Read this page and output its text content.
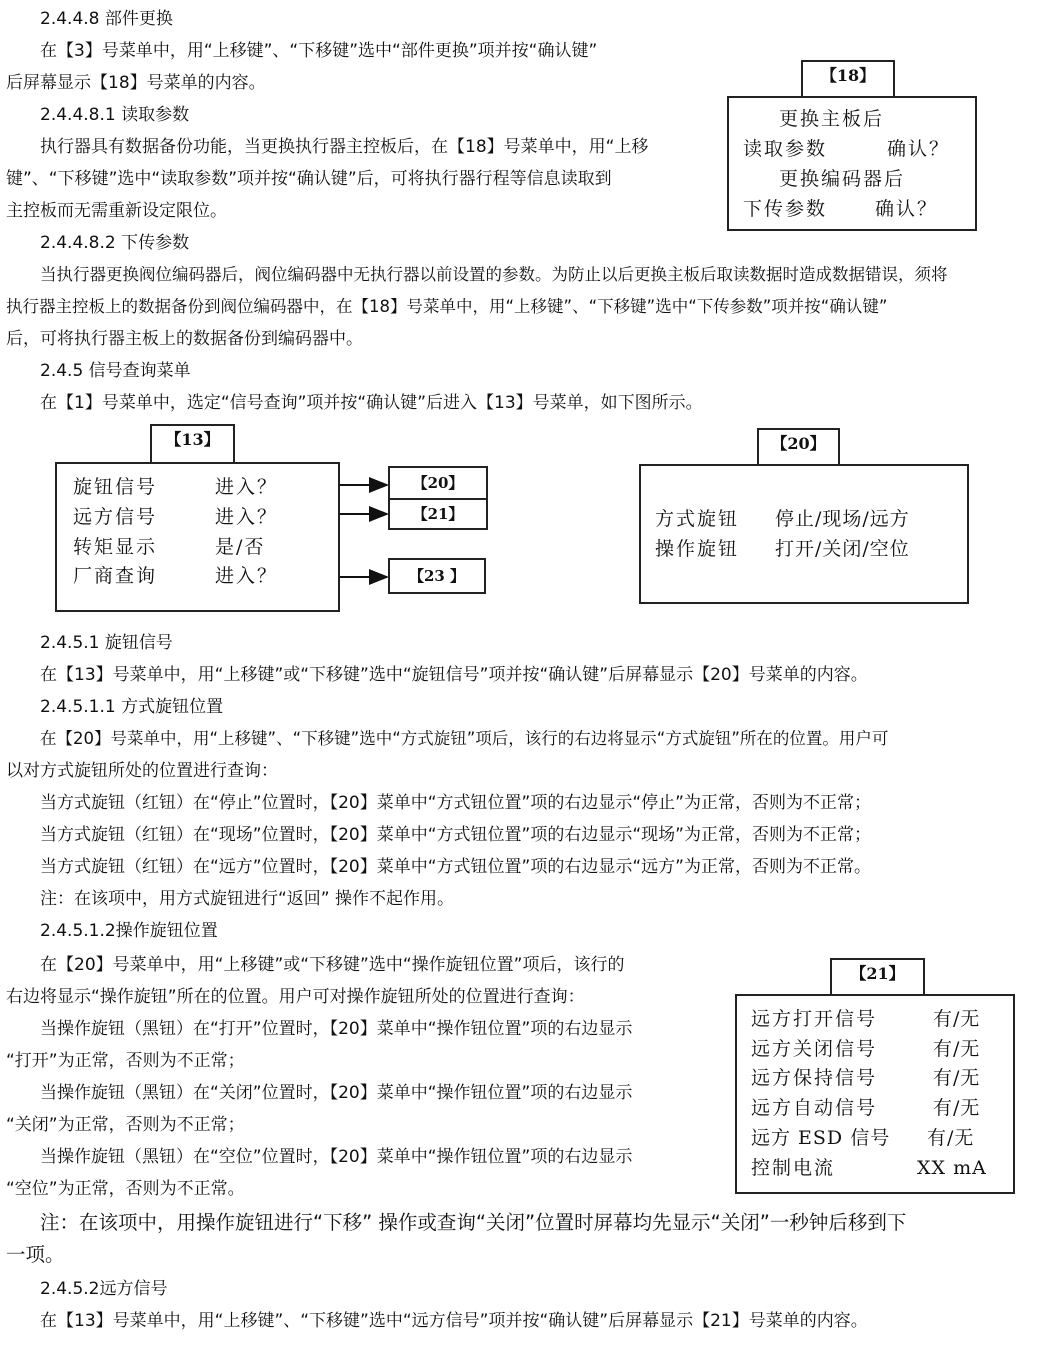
2.4.4.8 部件更换
在【3】号菜单中，用“上移键”、“下移键”选中“部件更换”项并按“确认键”
后屏幕显示【18】号菜单的内容。
2.4.4.8.1 读取参数
执行器具有数据备份功能，当更换执行器主控板后，在【18】号菜单中，用“上移
键”、“下移键”选中“读取参数”项并按“确认键”后，可将执行器行程等信息读取到
主控板而无需重新设定限位。
2.4.4.8.2 下传参数
当执行器更换阀位编码器后，阀位编码器中无执行器以前设置的参数。为防止以后更换主板后取读数据时造成数据错误，须将
执行器主控板上的数据备份到阀位编码器中，在【18】号菜单中，用“上移键”、“下移键”选中“下传参数”项并按“确认键”
后，可将执行器主板上的数据备份到编码器中。
2.4.5 信号查询菜单
在【1】号菜单中，选定“信号查询”项并按“确认键”后进入【13】号菜单，如下图所示。
【18】
更换主板后
读取参数	确认？
更换编码器后
下传参数	确认？
【13】
旋钮信号	进入？
远方信号	进入？
转矩显示	是/否
厂商查询	进入？
【20】
【21】
【23 】
【20】
方式旋钮 停止/现场/远方
操作旋钮 打开/关闭/空位
2.4.5.1 旋钮信号
在【13】号菜单中，用“上移键”或“下移键”选中“旋钮信号”项并按“确认键”后屏幕显示【20】号菜单的内容。
2.4.5.1.1 方式旋钮位置
在【20】号菜单中，用“上移键”、“下移键”选中“方式旋钮”项后，该行的右边将显示“方式旋钮”所在的位置。用户可
以对方式旋钮所处的位置进行查询：
当方式旋钮（红钮）在“停止”位置时，【20】菜单中“方式钮位置”项的右边显示“停止”为正常，否则为不正常；
当方式旋钮（红钮）在“现场”位置时，【20】菜单中“方式钮位置”项的右边显示“现场”为正常，否则为不正常；
当方式旋钮（红钮）在“远方”位置时，【20】菜单中“方式钮位置”项的右边显示“远方”为正常，否则为不正常。
注：在该项中，用方式旋钮进行“返回” 操作不起作用。
2.4.5.1.2操作旋钮位置
在【20】号菜单中，用“上移键”或“下移键”选中“操作旋钮位置”项后，该行的
右边将显示“操作旋钮”所在的位置。用户可对操作旋钮所处的位置进行查询：
当操作旋钮（黑钮）在“打开”位置时，【20】菜单中“操作钮位置”项的右边显示
“打开”为正常，否则为不正常；
当操作旋钮（黑钮）在“关闭”位置时，【20】菜单中“操作钮位置”项的右边显示
“关闭”为正常，否则为不正常；
当操作旋钮（黑钮）在“空位”位置时，【20】菜单中“操作钮位置”项的右边显示
“空位”为正常，否则为不正常。
【21】
远方打开信号	有/无
远方关闭信号	有/无
远方保持信号	有/无
远方自动信号	有/无
远方 ESD 信号 有/无
控制电流	XX mA
注：在该项中，用操作旋钮进行“下移” 操作或查询“关闭”位置时屏幕均先显示“关闭”一秒钟后移到下
一项。
2.4.5.2远方信号
在【13】号菜单中，用“上移键”、“下移键”选中“远方信号”项并按“确认键”后屏幕显示【21】号菜单的内容。
